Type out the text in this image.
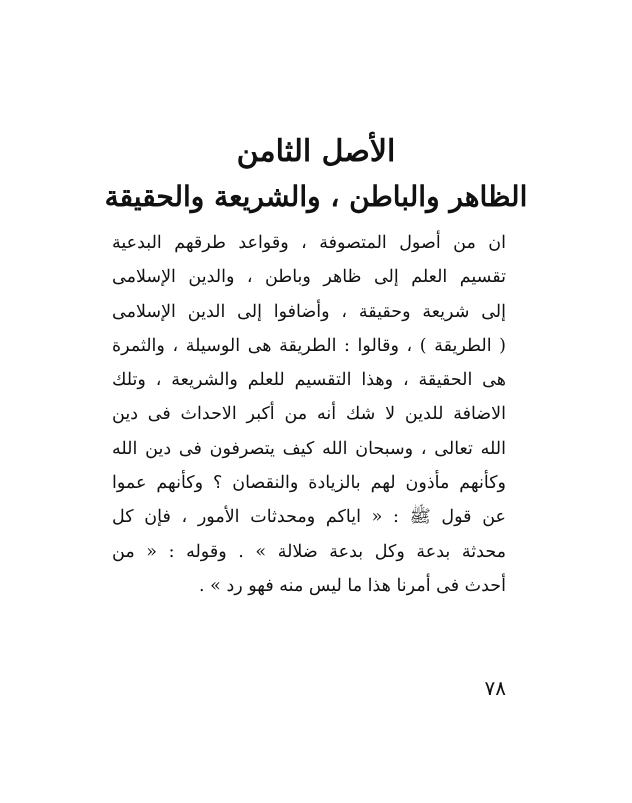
الأصل الثامن
الظاهر والباطن ، والشريعة والحقيقة
ان من أصول المتصوفة ، وقواعد طرقهم البدعية
تقسيم العلم إلى ظاهر وباطن ، والدين الإسلامى
إلى شريعة وحقيقة ، وأضافوا إلى الدين الإسلامى
( الطريقة ) ، وقالوا : الطريقة هى الوسيلة ، والثمرة
هى الحقيقة ، وهذا التقسيم للعلم والشريعة ، وتلك
الاضافة للدين لا شك أنه من أكبر الاحداث فى دين
الله تعالى ، وسبحان الله كيف يتصرفون فى دين الله
وكأنهم مأذون لهم بالزيادة والنقصان ؟ وكأنهم عموا
عن قول ﷺ : « اياكم ومحدثات الأمور ، فإن كل
محدثة بدعة وكل بدعة ضلالة » . وقوله : « من
أحدث فى أمرنا هذا ما ليس منه فهو رد » .
٧٨
